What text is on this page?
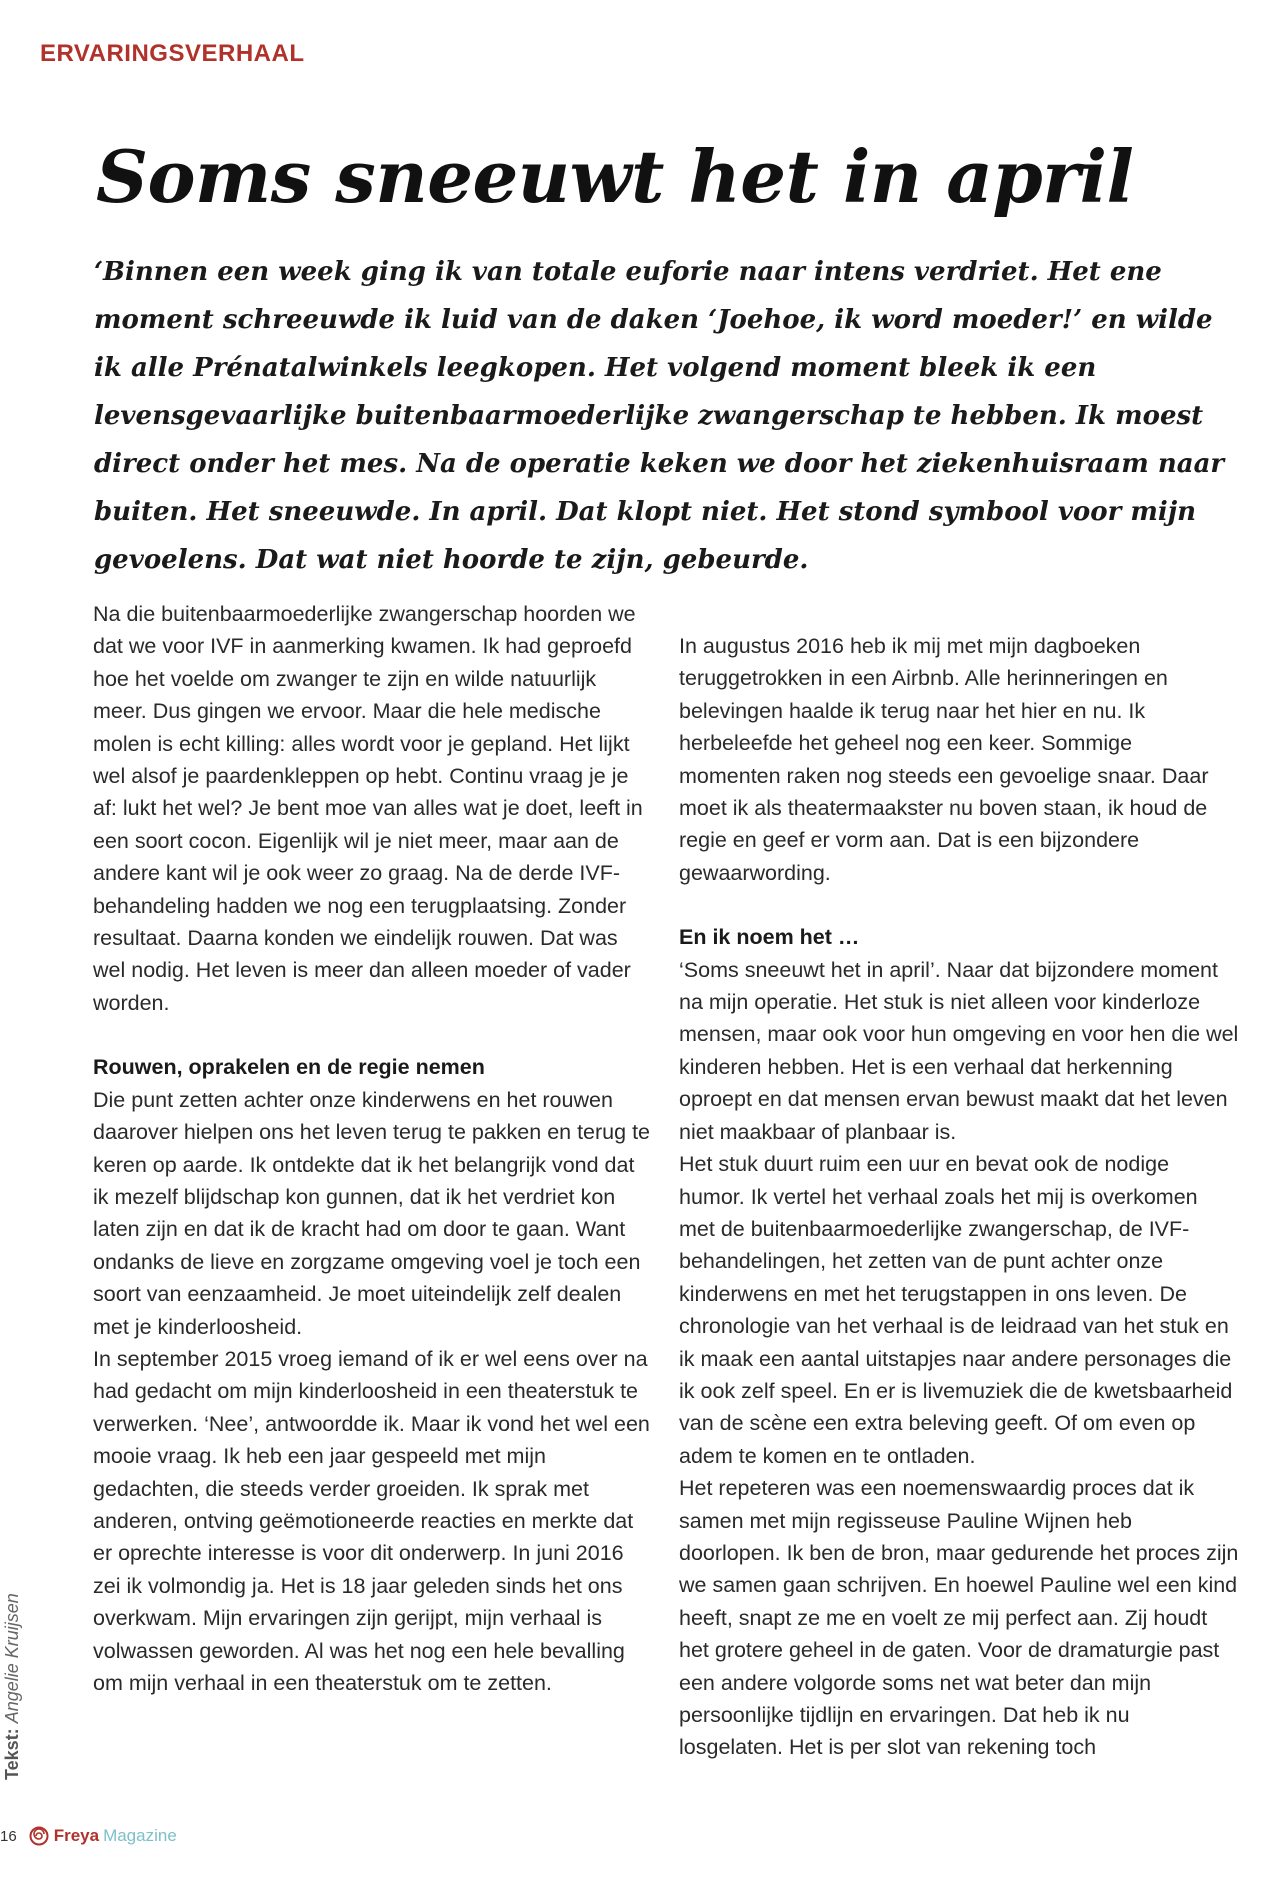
ERVARINGSVERHAAL
Soms sneeuwt het in april

‘Binnen een week ging ik van totale euforie naar intens verdriet. Het ene moment schreeuwde ik luid van de daken ‘Joehoe, ik word moeder!’ en wilde ik alle Prénatalwinkels leegkopen. Het volgend moment bleek ik een levensgevaarlijke buitenbaarmoederlijke zwangerschap te hebben. Ik moest direct onder het mes. Na de operatie keken we door het ziekenhuisraam naar buiten. Het sneeuwde. In april. Dat klopt niet. Het stond symbool voor mijn gevoelens. Dat wat niet hoorde te zijn, gebeurde.

Na die buitenbaarmoederlijke zwangerschap hoorden we dat we voor IVF in aanmerking kwamen. Ik had geproefd hoe het voelde om zwanger te zijn en wilde natuurlijk meer. Dus gingen we ervoor. Maar die hele medische molen is echt killing: alles wordt voor je gepland. Het lijkt wel alsof je paardenkleppen op hebt. Continu vraag je je af: lukt het wel? Je bent moe van alles wat je doet, leeft in een soort cocon. Eigenlijk wil je niet meer, maar aan de andere kant wil je ook weer zo graag. Na de derde IVF-behandeling hadden we nog een terugplaatsing. Zonder resultaat. Daarna konden we eindelijk rouwen. Dat was wel nodig. Het leven is meer dan alleen moeder of vader worden.

Rouwen, oprakelen en de regie nemen

Die punt zetten achter onze kinderwens en het rouwen daarover hielpen ons het leven terug te pakken en terug te keren op aarde. Ik ontdekte dat ik het belangrijk vond dat ik mezelf blijdschap kon gunnen, dat ik het verdriet kon laten zijn en dat ik de kracht had om door te gaan. Want ondanks de lieve en zorgzame omgeving voel je toch een soort van eenzaamheid. Je moet uiteindelijk zelf dealen met je kinderloosheid.

In september 2015 vroeg iemand of ik er wel eens over na had gedacht om mijn kinderloosheid in een theaterstuk te verwerken. ‘Nee’, antwoordde ik. Maar ik vond het wel een mooie vraag. Ik heb een jaar gespeeld met mijn gedachten, die steeds verder groeiden. Ik sprak met anderen, ontving geëmotioneerde reacties en merkte dat er oprechte interesse is voor dit onderwerp. In juni 2016 zei ik volmondig ja. Het is 18 jaar geleden sinds het ons overkwam. Mijn ervaringen zijn gerijpt, mijn verhaal is volwassen geworden. Al was het nog een hele bevalling om mijn verhaal in een theaterstuk om te zetten.

In augustus 2016 heb ik mij met mijn dagboeken teruggetrokken in een Airbnb. Alle herinneringen en belevingen haalde ik terug naar het hier en nu. Ik herbeleefde het geheel nog een keer. Sommige momenten raken nog steeds een gevoelige snaar. Daar moet ik als theatermaakster nu boven staan, ik houd de regie en geef er vorm aan. Dat is een bijzondere gewaarwording.

En ik noem het …

‘Soms sneeuwt het in april’. Naar dat bijzondere moment na mijn operatie. Het stuk is niet alleen voor kinderloze mensen, maar ook voor hun omgeving en voor hen die wel kinderen hebben. Het is een verhaal dat herkenning oproept en dat mensen ervan bewust maakt dat het leven niet maakbaar of planbaar is.

Het stuk duurt ruim een uur en bevat ook de nodige humor. Ik vertel het verhaal zoals het mij is overkomen met de buitenbaarmoederlijke zwangerschap, de IVF-behandelingen, het zetten van de punt achter onze kinderwens en met het terugstappen in ons leven. De chronologie van het verhaal is de leidraad van het stuk en ik maak een aantal uitstapjes naar andere personages die ik ook zelf speel. En er is livemuziek die de kwetsbaarheid van de scène een extra beleving geeft. Of om even op adem te komen en te ontladen.

Het repeteren was een noemenswaardig proces dat ik samen met mijn regisseuse Pauline Wijnen heb doorlopen. Ik ben de bron, maar gedurende het proces zijn we samen gaan schrijven. En hoewel Pauline wel een kind heeft, snapt ze me en voelt ze mij perfect aan. Zij houdt het grotere geheel in de gaten. Voor de dramaturgie past een andere volgorde soms net wat beter dan mijn persoonlijke tijdlijn en ervaringen. Dat heb ik nu losgelaten. Het is per slot van rekening toch

Tekst: Angelie Kruijsen
16 Freya Magazine
